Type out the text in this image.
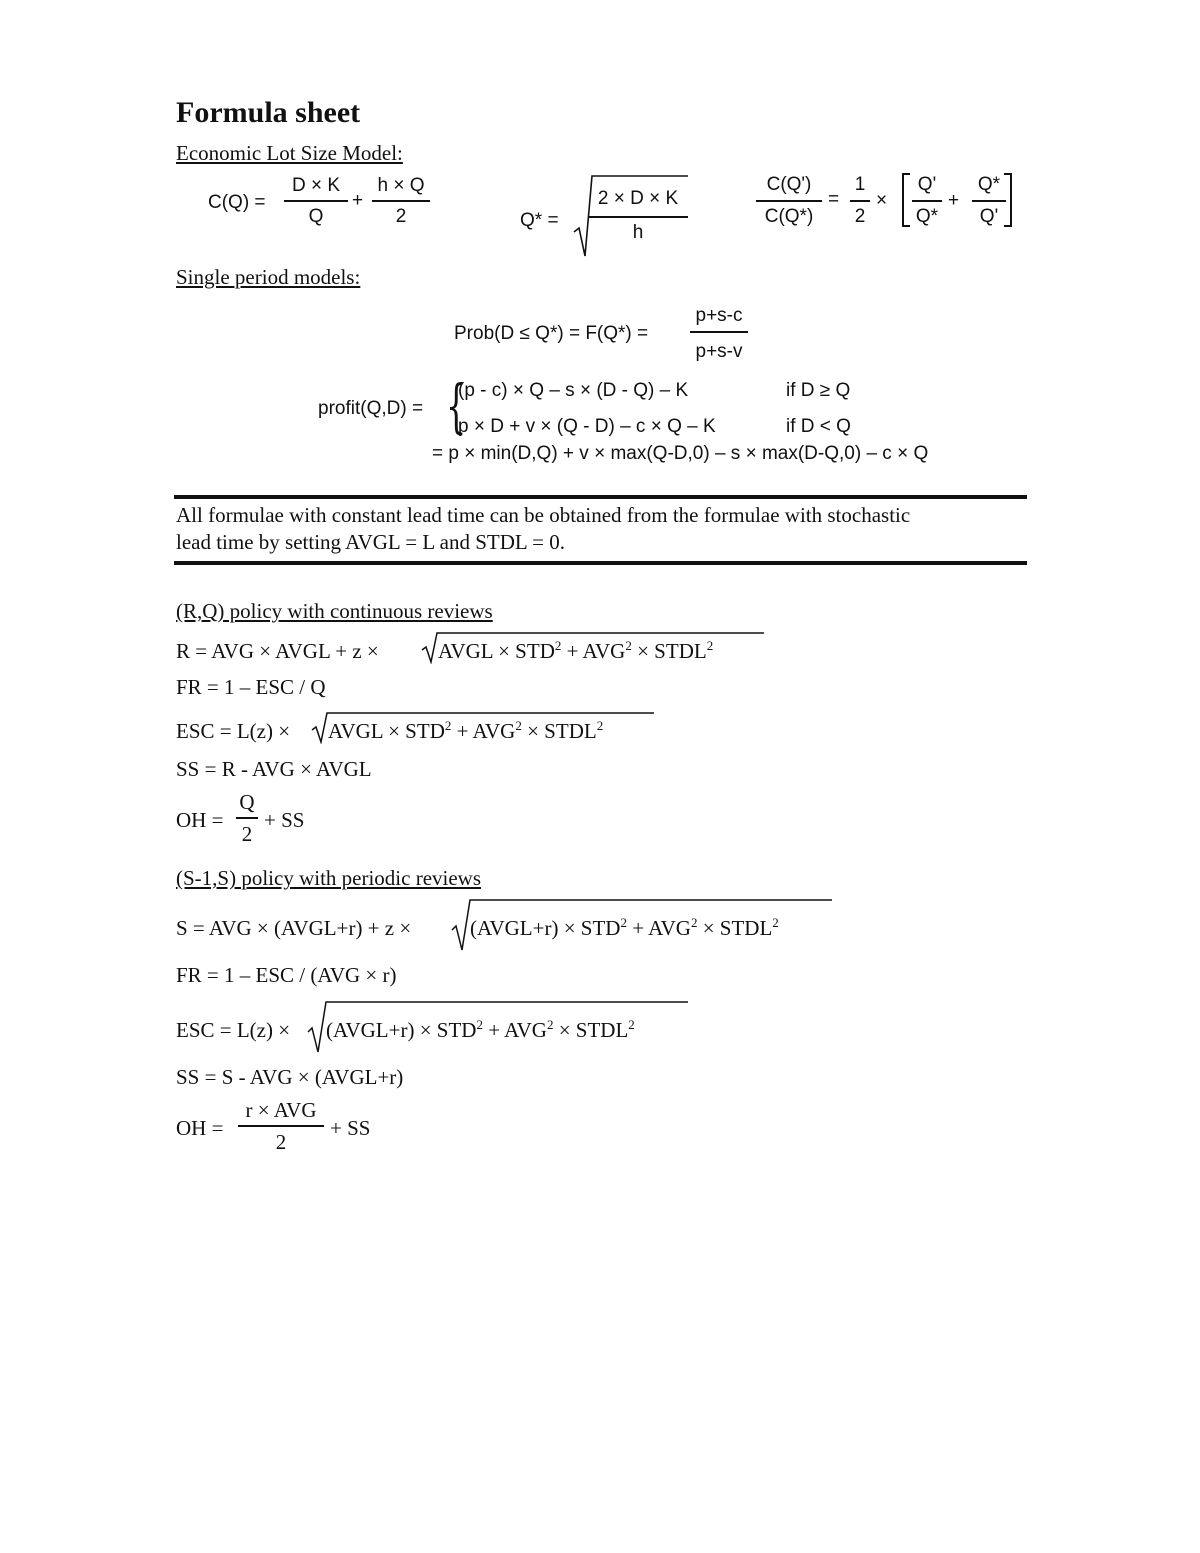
Formula sheet
Economic Lot Size Model:
C(Q) =
D × K
Q
+
h × Q
2	Q* =
2 × D × K
h
C(Q')
C(Q*)
=
1
2
×
Q'
Q*
+
Q*
Q'
Single period models:
Prob(D ≤ Q*) = F(Q*) =
p+s-c
p+s-v
profit(Q,D) = {
(p - c) × Q – s × (D - Q) – K	if D ≥ Q
p × D + v × (Q - D) – c × Q – K	if D < Q
= p × min(D,Q) + v × max(Q-D,0) – s × max(D-Q,0) – c × Q
All formulae with constant lead time can be obtained from the formulae with stochastic
lead time by setting AVGL = L and STDL = 0.
(R,Q) policy with continuous reviews
R = AVG × AVGL + z ×	AVGL × $STD^2 + AVG^2$ × $STDL^2$
FR = 1 – ESC / Q
ESC = L(z) × AVGL × $STD^2 + AVG^2$ × $STDL^2$
SS = R - AVG × AVGL
OH =
Q
2
+ SS
(S-1,S) policy with periodic reviews
S = AVG × (AVGL+r) + z ×	(AVGL+r) × $STD^2 + AVG^2$ × $STDL^2$
FR = 1 – ESC / (AVG × r)
ESC = L(z) × (AVGL+r) × $STD^2 + AVG^2$ × $STDL^2$
SS = S - AVG × (AVGL+r)
OH =
r × AVG
2
+ SS
